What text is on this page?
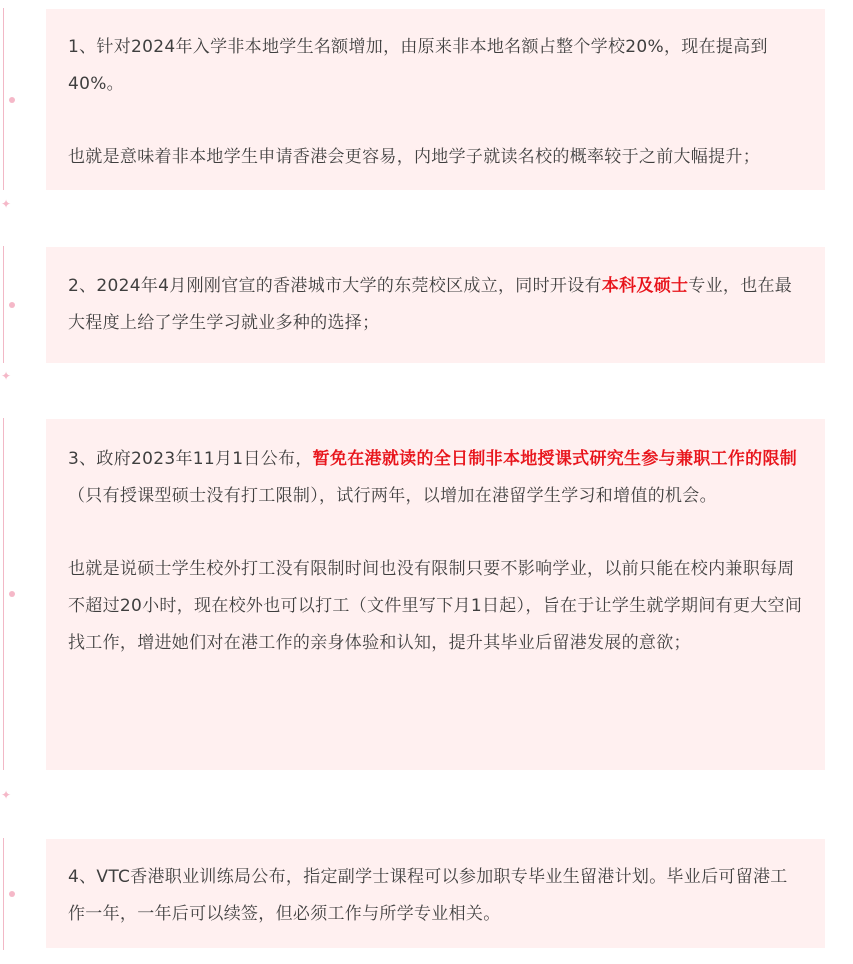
1、针对2024年入学非本地学生名额增加，由原来非本地名额占整个学校20%，现在提高到40%。

也就是意味着非本地学生申请香港会更容易，内地学子就读名校的概率较于之前大幅提升；

✦

2、2024年4月刚刚官宣的香港城市大学的东莞校区成立，同时开设有本科及硕士专业，也在最大程度上给了学生学习就业多种的选择；

✦

3、政府2023年11月1日公布，暂免在港就读的全日制非本地授课式研究生参与兼职工作的限制（只有授课型硕士没有打工限制），试行两年，以增加在港留学生学习和增值的机会。

也就是说硕士学生校外打工没有限制时间也没有限制只要不影响学业，以前只能在校内兼职每周不超过20小时，现在校外也可以打工（文件里写下月1日起），旨在于让学生就学期间有更大空间找工作，增进她们对在港工作的亲身体验和认知，提升其毕业后留港发展的意欲；

✦

4、VTC香港职业训练局公布，指定副学士课程可以参加职专毕业生留港计划。毕业后可留港工作一年，一年后可以续签，但必须工作与所学专业相关。
